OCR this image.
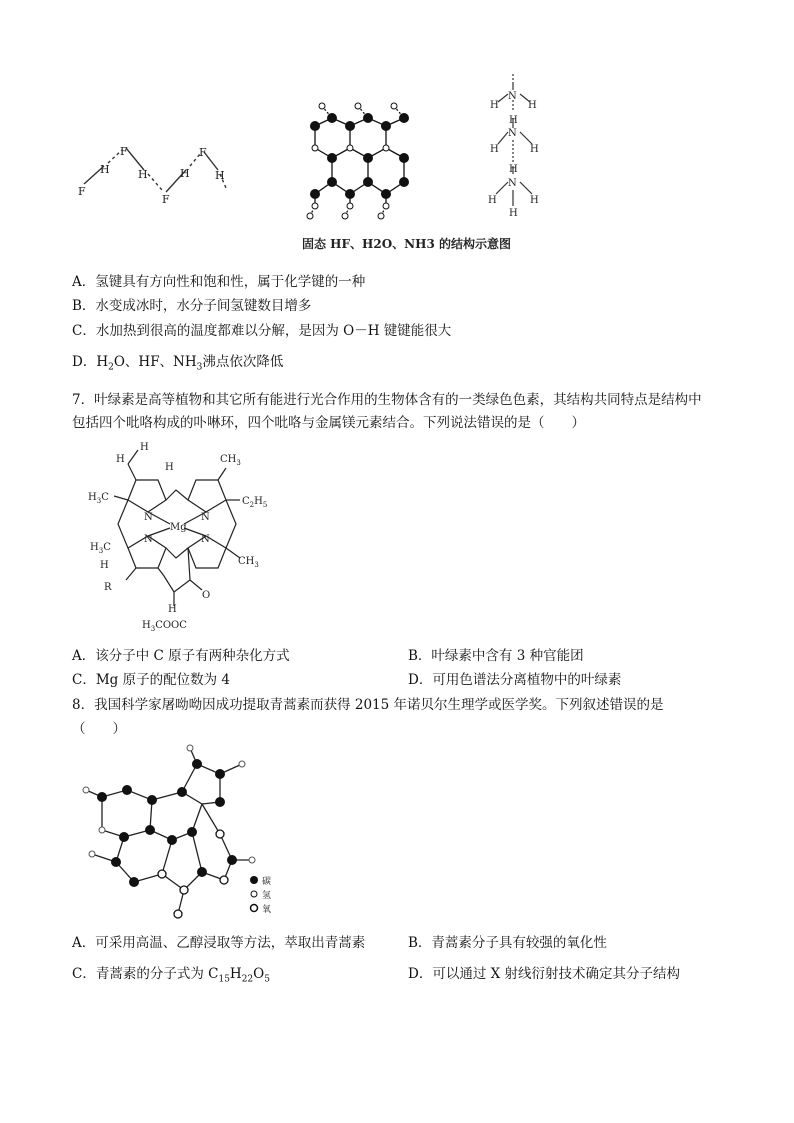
F
H
F
H
F
H
F
H
N
H	H
H
N
H	H
H
N
H	H
H
固态 HF、H2O、NH3 的结构示意图
A．氢键具有方向性和饱和性，属于化学键的一种
B．水变成冰时，水分子间氢键数目增多
C．水加热到很高的温度都难以分解，是因为 O－H 键键能很大
D．$H_2O$、HF、$NH_3$沸点依次降低
7．叶绿素是高等植物和其它所有能进行光合作用的生物体含有的一类绿色色素，其结构共同特点是结构中
包括四个吡咯构成的卟啉环，四个吡咯与金属镁元素结合。下列说法错误的是（　　）
H
H
H
$CH_3$
$H_3C$	$C_2H_5$
N	N
Mg
N	N
$H_3C$
H
R
$CH_3$
H
O
$H_3COOC$
A．该分子中 C 原子有两种杂化方式	B．叶绿素中含有 3 种官能团
C．Mg 原子的配位数为 4	D．可用色谱法分离植物中的叶绿素
8．我国科学家屠呦呦因成功提取青蒿素而获得 2015 年诺贝尔生理学或医学奖。下列叙述错误的是
（　　）
碳
氢
氧
A．可采用高温、乙醇浸取等方法，萃取出青蒿素	B．青蒿素分子具有较强的氧化性
C．青蒿素的分子式为 $C_{15}H_{22}O_5$	D．可以通过 X 射线衍射技术确定其分子结构
